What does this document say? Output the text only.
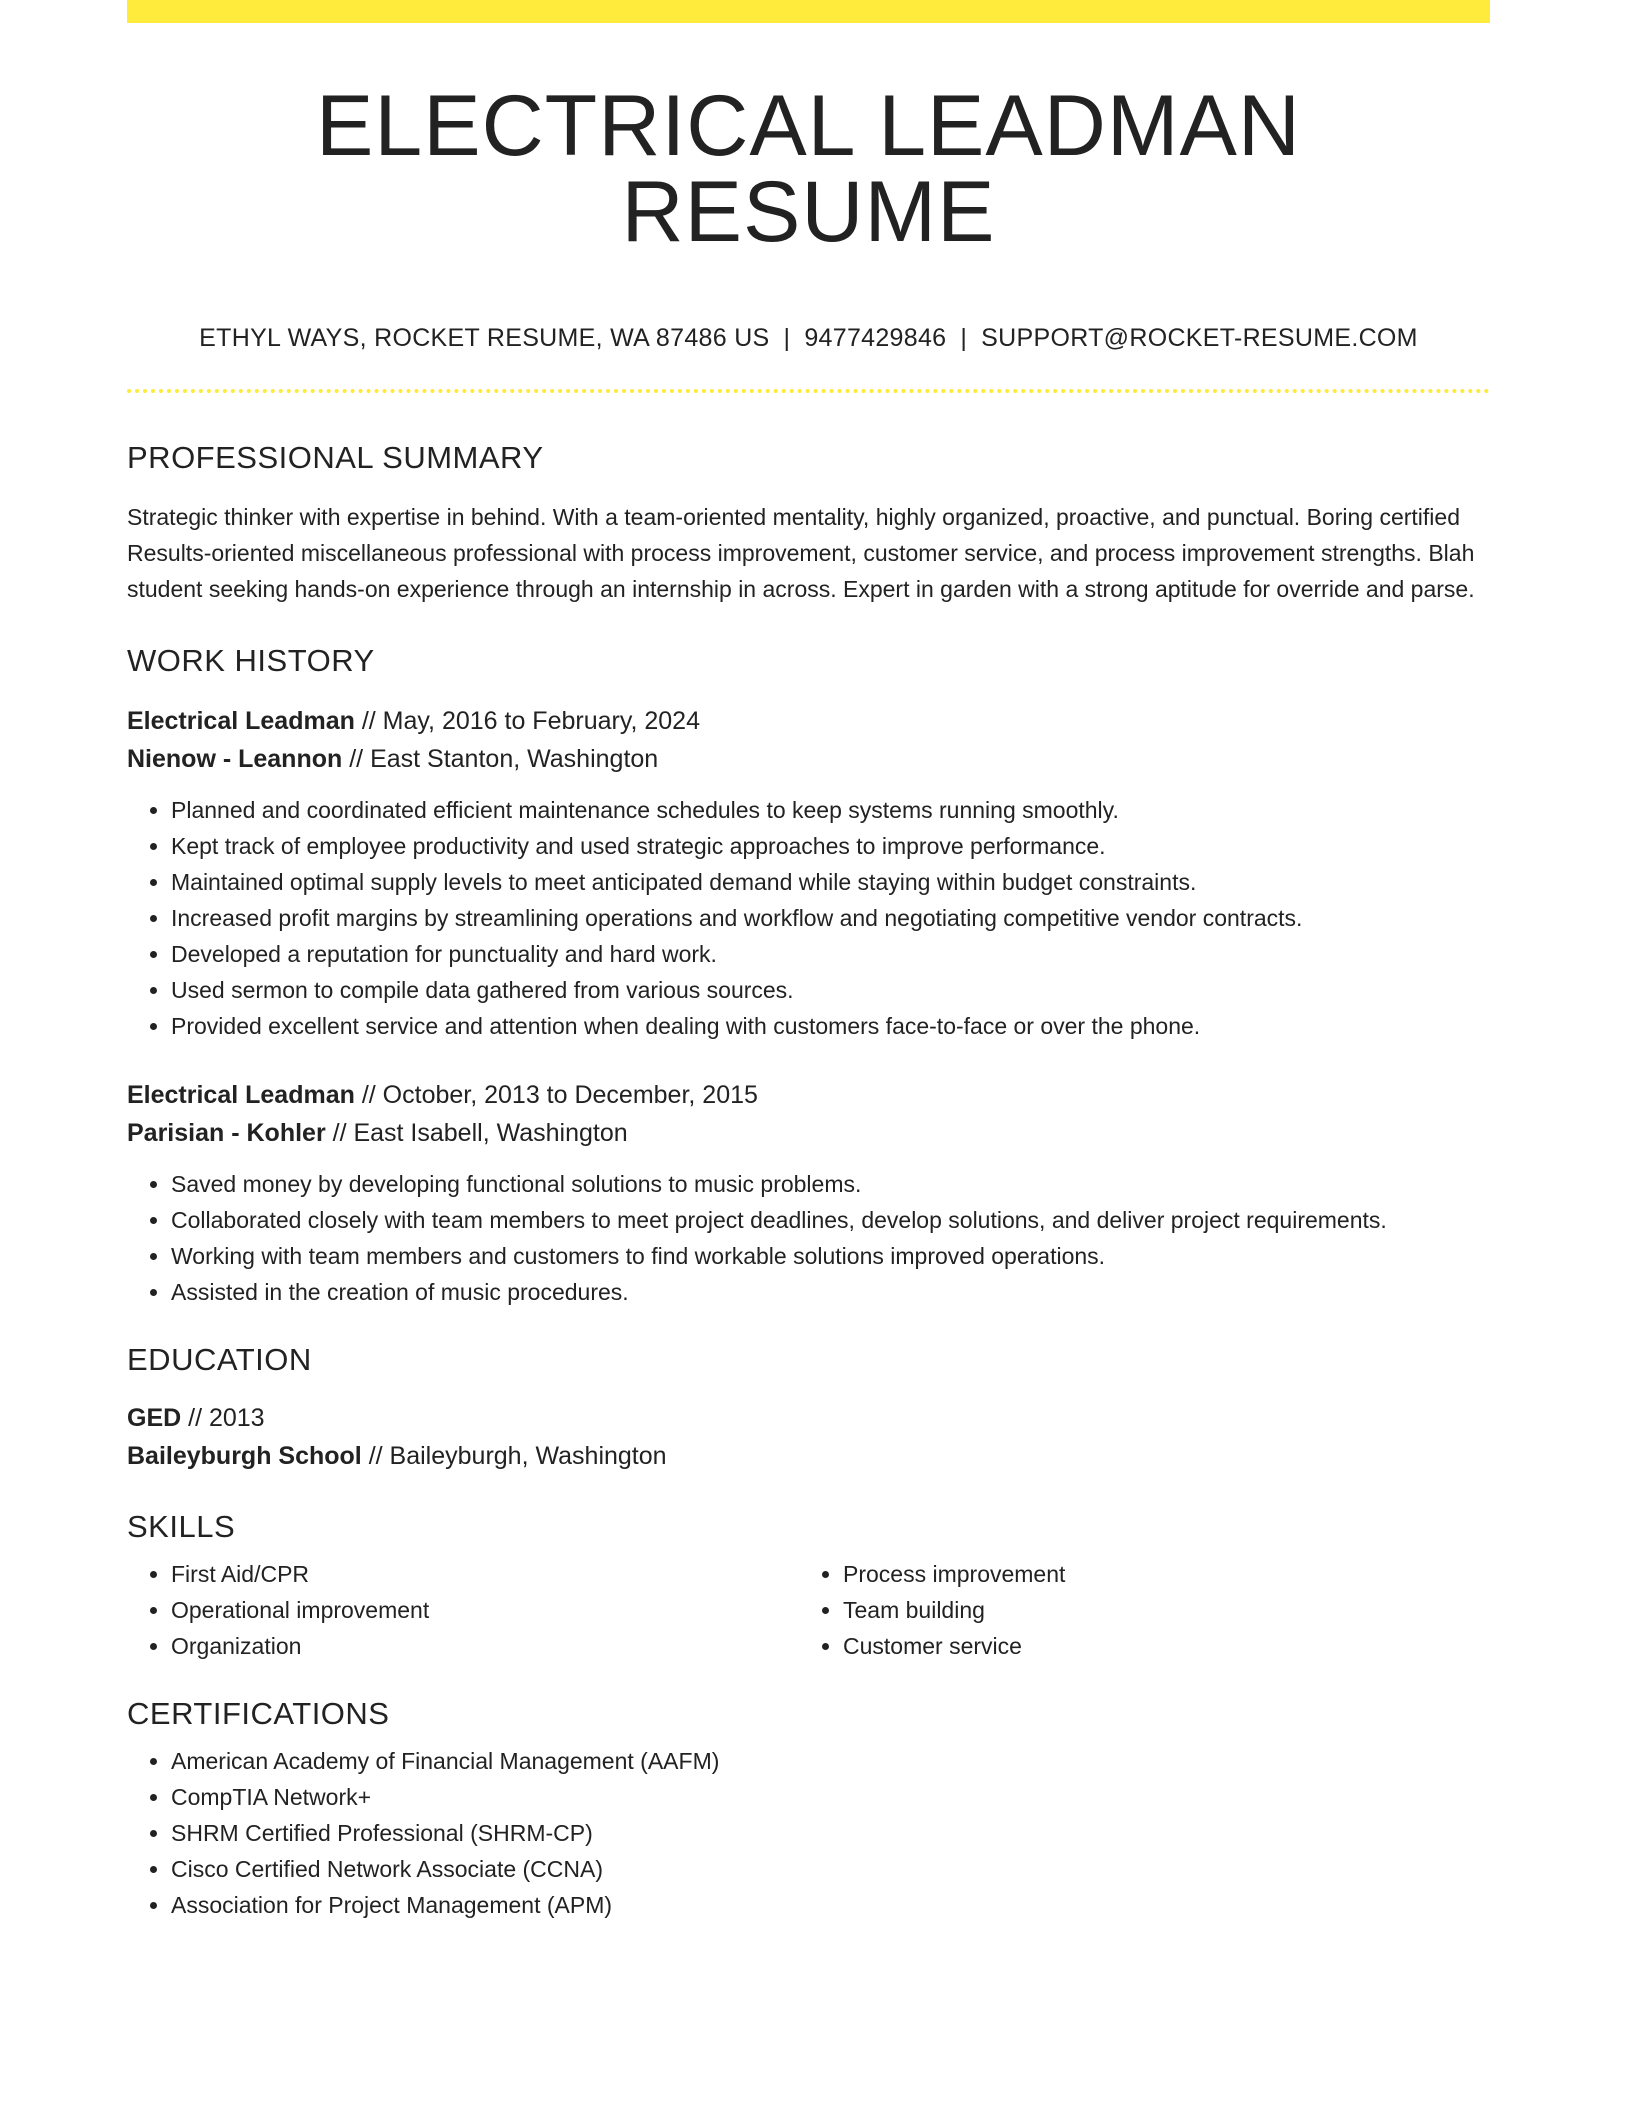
ELECTRICAL LEADMAN RESUME
ETHYL WAYS, ROCKET RESUME, WA 87486 US | 9477429846 | SUPPORT@ROCKET-RESUME.COM
PROFESSIONAL SUMMARY

Strategic thinker with expertise in behind. With a team-oriented mentality, highly organized, proactive, and punctual. Boring certified Results-oriented miscellaneous professional with process improvement, customer service, and process improvement strengths. Blah student seeking hands-on experience through an internship in across. Expert in garden with a strong aptitude for override and parse.

WORK HISTORY
Electrical Leadman // May, 2016 to February, 2024
Nienow - Leannon // East Stanton, Washington
• Planned and coordinated efficient maintenance schedules to keep systems running smoothly.
• Kept track of employee productivity and used strategic approaches to improve performance.
• Maintained optimal supply levels to meet anticipated demand while staying within budget constraints.
• Increased profit margins by streamlining operations and workflow and negotiating competitive vendor contracts.
• Developed a reputation for punctuality and hard work.
• Used sermon to compile data gathered from various sources.
• Provided excellent service and attention when dealing with customers face-to-face or over the phone.
Electrical Leadman // October, 2013 to December, 2015
Parisian - Kohler // East Isabell, Washington
• Saved money by developing functional solutions to music problems.
• Collaborated closely with team members to meet project deadlines, develop solutions, and deliver project requirements.
• Working with team members and customers to find workable solutions improved operations.
• Assisted in the creation of music procedures.
EDUCATION
GED // 2013
Baileyburgh School // Baileyburgh, Washington
SKILLS
• First Aid/CPR
• Operational improvement
• Organization
• Process improvement
• Team building
• Customer service
CERTIFICATIONS
• American Academy of Financial Management (AAFM)
• CompTIA Network+
• SHRM Certified Professional (SHRM-CP)
• Cisco Certified Network Associate (CCNA)
• Association for Project Management (APM)
